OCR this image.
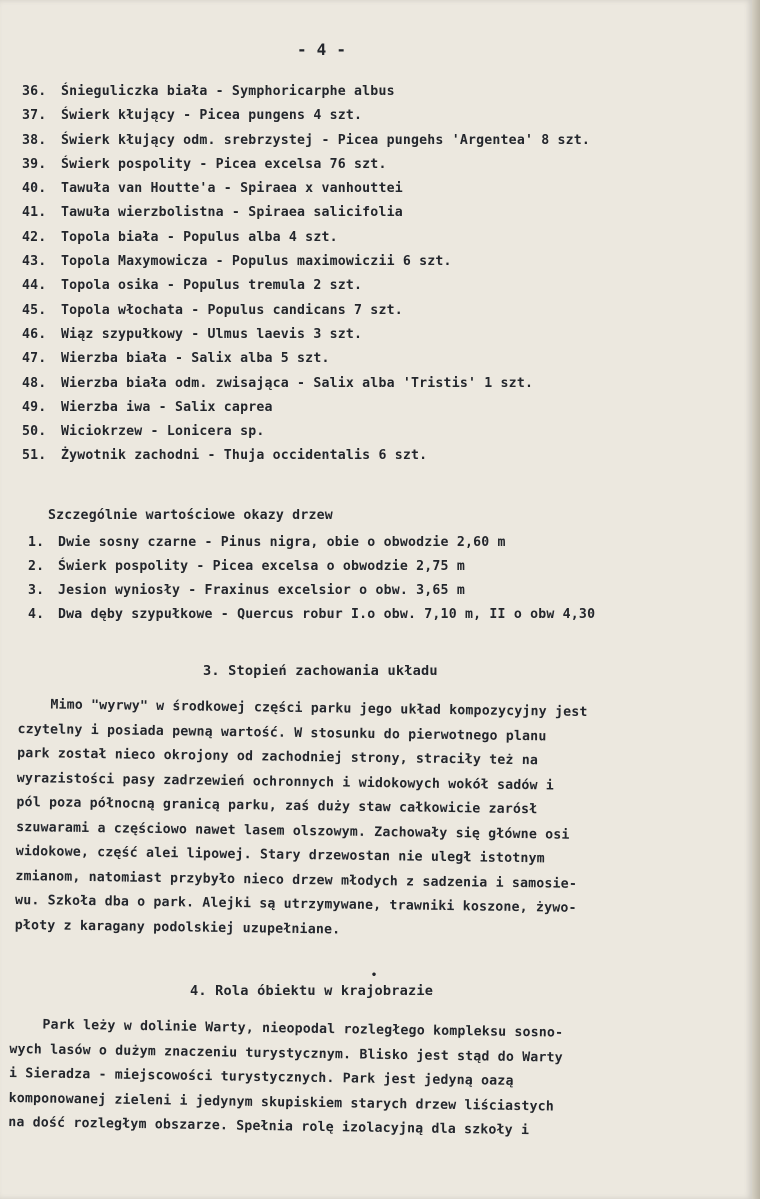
- 4 -
36. Śnieguliczka biała - Symphoricarphe albus
37. Świerk kłujący - Picea pungens 4 szt.
38. Świerk kłujący odm. srebrzystej - Picea pungehs 'Argentea' 8 szt.
39. Świerk pospolity - Picea excelsa 76 szt.
40. Tawuła van Houtte'a - Spiraea x vanhouttei
41. Tawuła wierzbolistna - Spiraea salicifolia
42. Topola biała - Populus alba 4 szt.
43. Topola Maxymowicza - Populus maximowiczii 6 szt.
44. Topola osika - Populus tremula 2 szt.
45. Topola włochata - Populus candicans 7 szt.
46. Wiąz szypułkowy - Ulmus laevis 3 szt.
47. Wierzba biała - Salix alba 5 szt.
48. Wierzba biała odm. zwisająca - Salix alba 'Tristis' 1 szt.
49. Wierzba iwa - Salix caprea
50. Wiciokrzew - Lonicera sp.
51. Żywotnik zachodni - Thuja occidentalis 6 szt.
Szczególnie wartościowe okazy drzew
1. Dwie sosny czarne - Pinus nigra, obie o obwodzie 2,60 m
2. Świerk pospolity - Picea excelsa o obwodzie 2,75 m
3. Jesion wyniosły - Fraxinus excelsior o obw. 3,65 m
4. Dwa dęby szypułkowe - Quercus robur I.o obw. 7,10 m, II o obw 4,30
3. Stopień zachowania układu
Mimo "wyrwy" w środkowej części parku jego układ kompozycyjny jest
czytelny i posiada pewną wartość. W stosunku do pierwotnego planu
park został nieco okrojony od zachodniej strony, straciły też na
wyrazistości pasy zadrzewień ochronnych i widokowych wokół sadów i
pól poza północną granicą parku, zaś duży staw całkowicie zarósł
szuwarami a częściowo nawet lasem olszowym. Zachowały się główne osi
widokowe, część alei lipowej. Stary drzewostan nie uległ istotnym
zmianom, natomiast przybyło nieco drzew młodych z sadzenia i samosie-
wu. Szkoła dba o park. Alejki są utrzymywane, trawniki koszone, żywo-
płoty z karagany podolskiej uzupełniane.
•
4. Rola óbiektu w krajobrazie
Park leży w dolinie Warty, nieopodal rozległego kompleksu sosno-
wych lasów o dużym znaczeniu turystycznym. Blisko jest stąd do Warty
i Sieradza - miejscowości turystycznych. Park jest jedyną oazą
komponowanej zieleni i jedynym skupiskiem starych drzew liściastych
na dość rozległym obszarze. Spełnia rolę izolacyjną dla szkoły i
